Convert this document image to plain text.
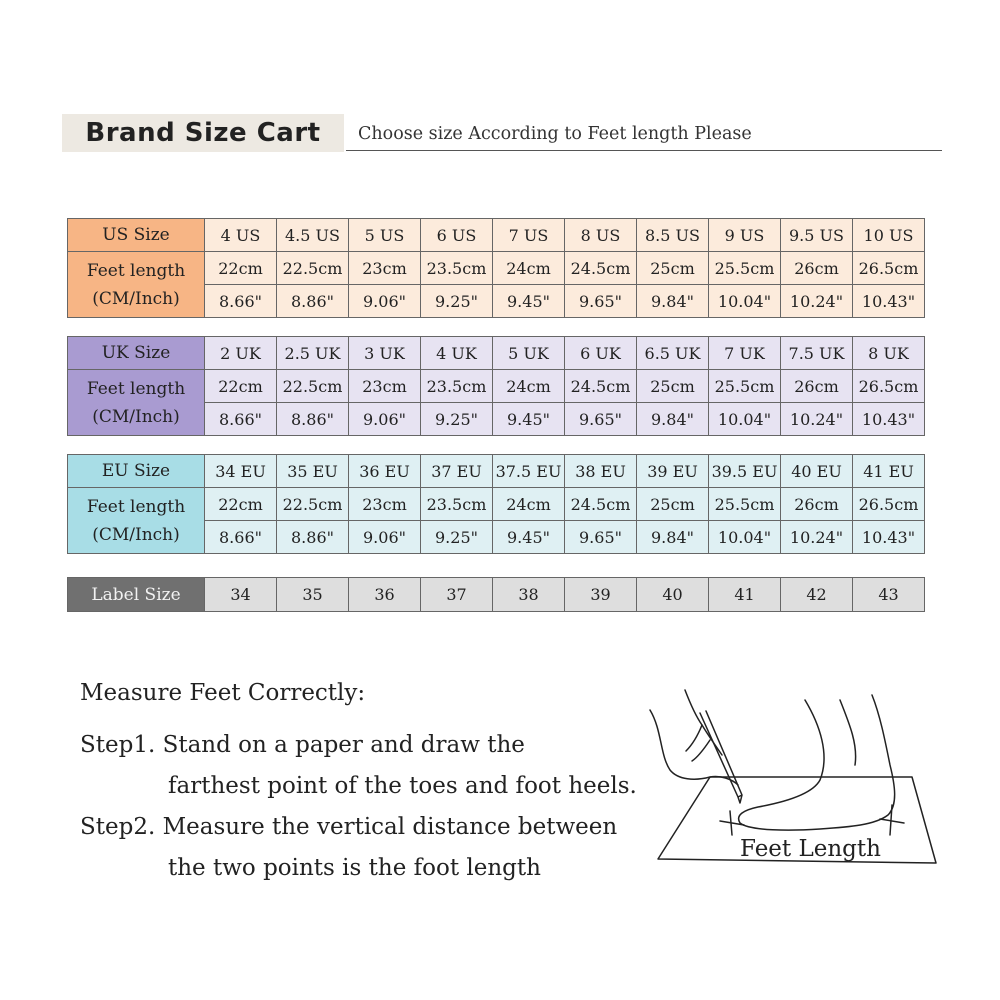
Brand Size Cart Choose size According to Feet length Please
US Size	4 US	4.5 US	5 US	6 US	7 US	8 US	8.5 US	9 US	9.5 US	10 US

Feet length
(CM/Inch)	22cm	22.5cm	23cm	23.5cm	24cm	24.5cm	25cm	25.5cm	26cm	26.5cm
	8.66"	8.86"	9.06"	9.25"	9.45"	9.65"	9.84"	10.04"	10.24"	10.43"
UK Size	2 UK	2.5 UK	3 UK	4 UK	5 UK	6 UK	6.5 UK	7 UK	7.5 UK	8 UK

Feet length
(CM/Inch)	22cm	22.5cm	23cm	23.5cm	24cm	24.5cm	25cm	25.5cm	26cm	26.5cm
	8.66"	8.86"	9.06"	9.25"	9.45"	9.65"	9.84"	10.04"	10.24"	10.43"
EU Size	34 EU	35 EU	36 EU	37 EU	37.5 EU	38 EU	39 EU	39.5 EU	40 EU	41 EU

Feet length
(CM/Inch)	22cm	22.5cm	23cm	23.5cm	24cm	24.5cm	25cm	25.5cm	26cm	26.5cm
	8.66"	8.86"	9.06"	9.25"	9.45"	9.65"	9.84"	10.04"	10.24"	10.43"
Label Size	34	35	36	37	38	39	40	41	42	43
Measure Feet Correctly:
Step1. Stand on a paper and draw the
farthest point of the toes and foot heels.
Step2. Measure the vertical distance between
the two points is the foot length
Feet Length
